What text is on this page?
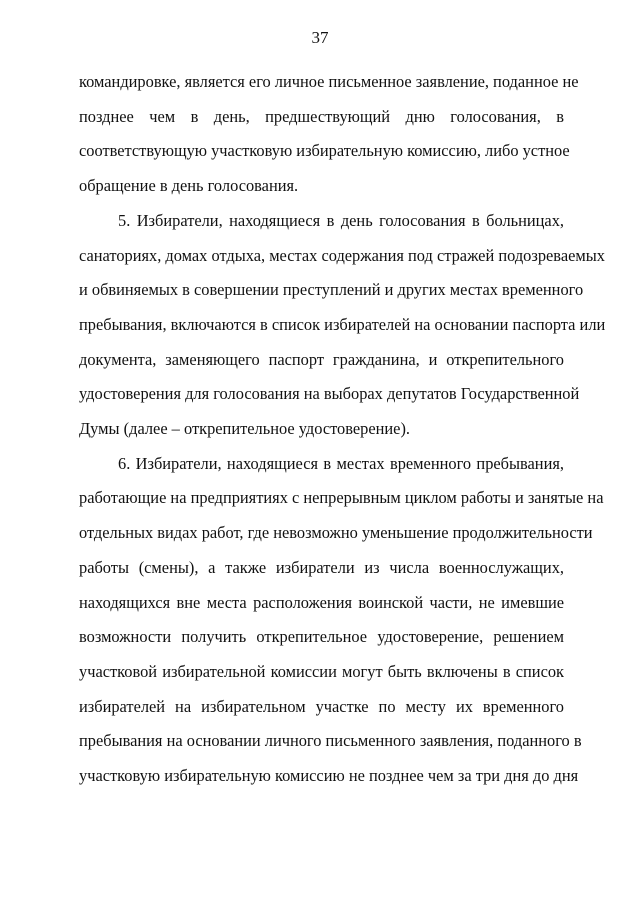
37

командировке, является его личное письменное заявление, поданное не
позднее чем в день, предшествующий дню голосования, в
соответствующую участковую избирательную комиссию, либо устное
обращение в день голосования.

5. Избиратели, находящиеся в день голосования в больницах,
санаториях, домах отдыха, местах содержания под стражей подозреваемых
и обвиняемых в совершении преступлений и других местах временного
пребывания, включаются в список избирателей на основании паспорта или
документа, заменяющего паспорт гражданина, и открепительного
удостоверения для голосования на выборах депутатов Государственной
Думы (далее – открепительное удостоверение).

6. Избиратели, находящиеся в местах временного пребывания,
работающие на предприятиях с непрерывным циклом работы и занятые на
отдельных видах работ, где невозможно уменьшение продолжительности
работы (смены), а также избиратели из числа военнослужащих,
находящихся вне места расположения воинской части, не имевшие
возможности получить открепительное удостоверение, решением
участковой избирательной комиссии могут быть включены в список
избирателей на избирательном участке по месту их временного
пребывания на основании личного письменного заявления, поданного в
участковую избирательную комиссию не позднее чем за три дня до дня
